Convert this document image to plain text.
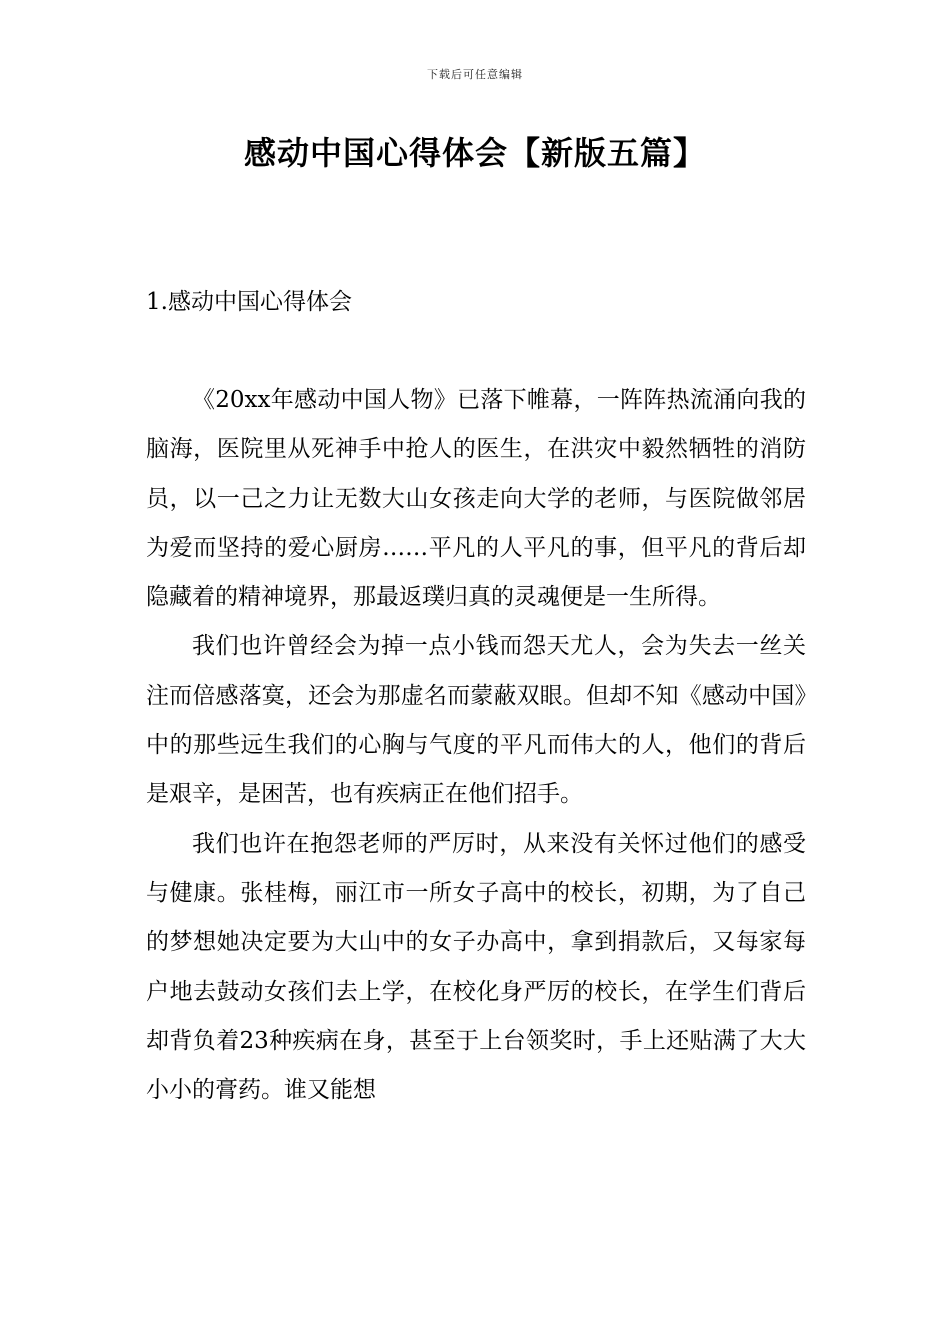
下载后可任意编辑
感动中国心得体会【新版五篇】
1.感动中国心得体会

《20xx年感动中国人物》已落下帷幕，一阵阵热流涌向我的脑海，医院里从死神手中抢人的医生，在洪灾中毅然牺牲的消防员，以一己之力让无数大山女孩走向大学的老师，与医院做邻居为爱而坚持的爱心厨房……平凡的人平凡的事，但平凡的背后却隐藏着的精神境界，那最返璞归真的灵魂便是一生所得。

我们也许曾经会为掉一点小钱而怨天尤人，会为失去一丝关注而倍感落寞，还会为那虚名而蒙蔽双眼。但却不知《感动中国》中的那些远生我们的心胸与气度的平凡而伟大的人，他们的背后是艰辛，是困苦，也有疾病正在他们招手。

我们也许在抱怨老师的严厉时，从来没有关怀过他们的感受与健康。张桂梅，丽江市一所女子高中的校长，初期，为了自己的梦想她决定要为大山中的女子办高中，拿到捐款后，又每家每户地去鼓动女孩们去上学，在校化身严厉的校长，在学生们背后却背负着23种疾病在身，甚至于上台领奖时，手上还贴满了大大小小的膏药。谁又能想
